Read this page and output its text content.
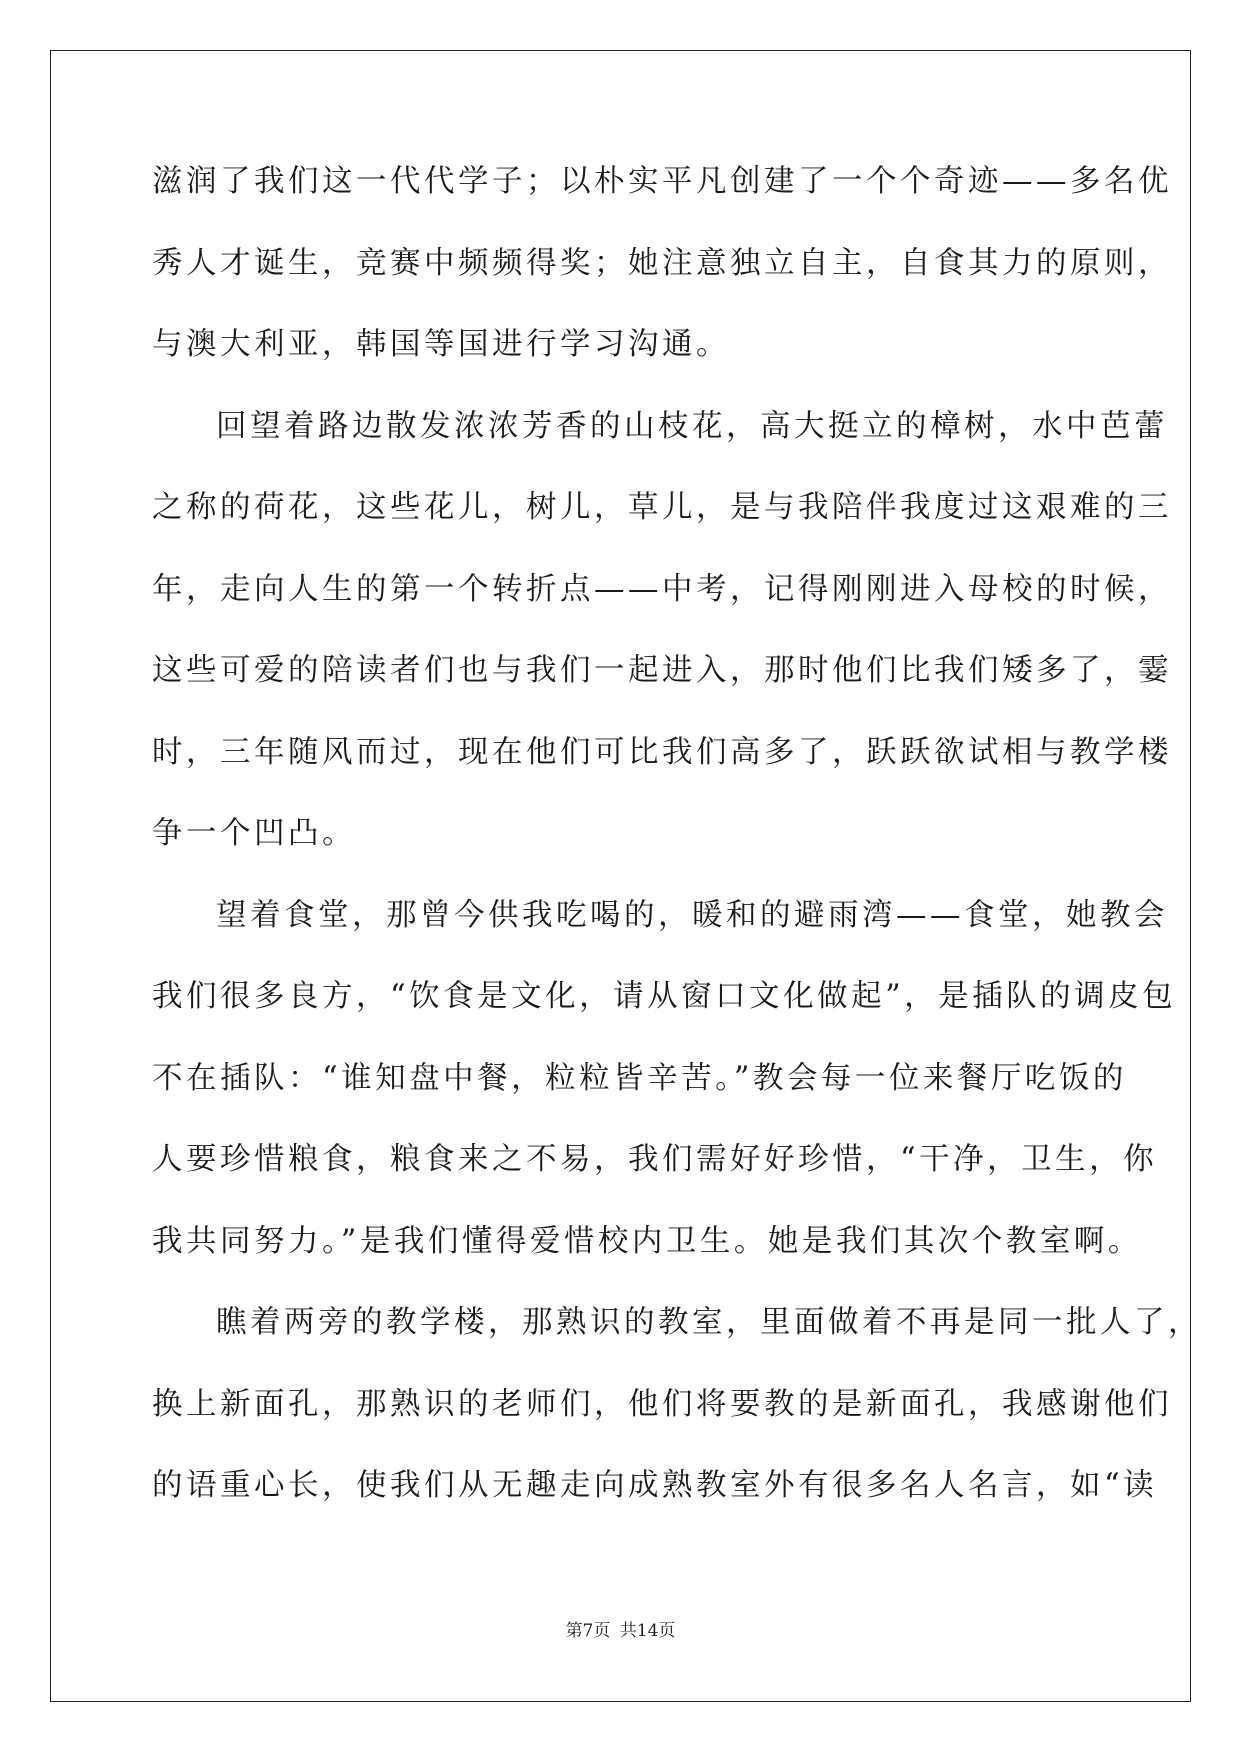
滋润了我们这一代代学子；以朴实平凡创建了一个个奇迹——多名优
秀人才诞生，竞赛中频频得奖；她注意独立自主，自食其力的原则，
与澳大利亚，韩国等国进行学习沟通。
回望着路边散发浓浓芳香的山枝花，高大挺立的樟树，水中芭蕾
之称的荷花，这些花儿，树儿，草儿，是与我陪伴我度过这艰难的三
年，走向人生的第一个转折点——中考，记得刚刚进入母校的时候，
这些可爱的陪读者们也与我们一起进入，那时他们比我们矮多了，霎
时，三年随风而过，现在他们可比我们高多了，跃跃欲试相与教学楼
争一个凹凸。
望着食堂，那曾今供我吃喝的，暖和的避雨湾——食堂，她教会
我们很多良方，“饮食是文化，请从窗口文化做起”，是插队的调皮包
不在插队：“谁知盘中餐，粒粒皆辛苦。”教会每一位来餐厅吃饭的
人要珍惜粮食，粮食来之不易，我们需好好珍惜，“干净，卫生，你
我共同努力。”是我们懂得爱惜校内卫生。她是我们其次个教室啊。
瞧着两旁的教学楼，那熟识的教室，里面做着不再是同一批人了，
换上新面孔，那熟识的老师们，他们将要教的是新面孔，我感谢他们
的语重心长，使我们从无趣走向成熟教室外有很多名人名言，如“读
第7页 共14页
